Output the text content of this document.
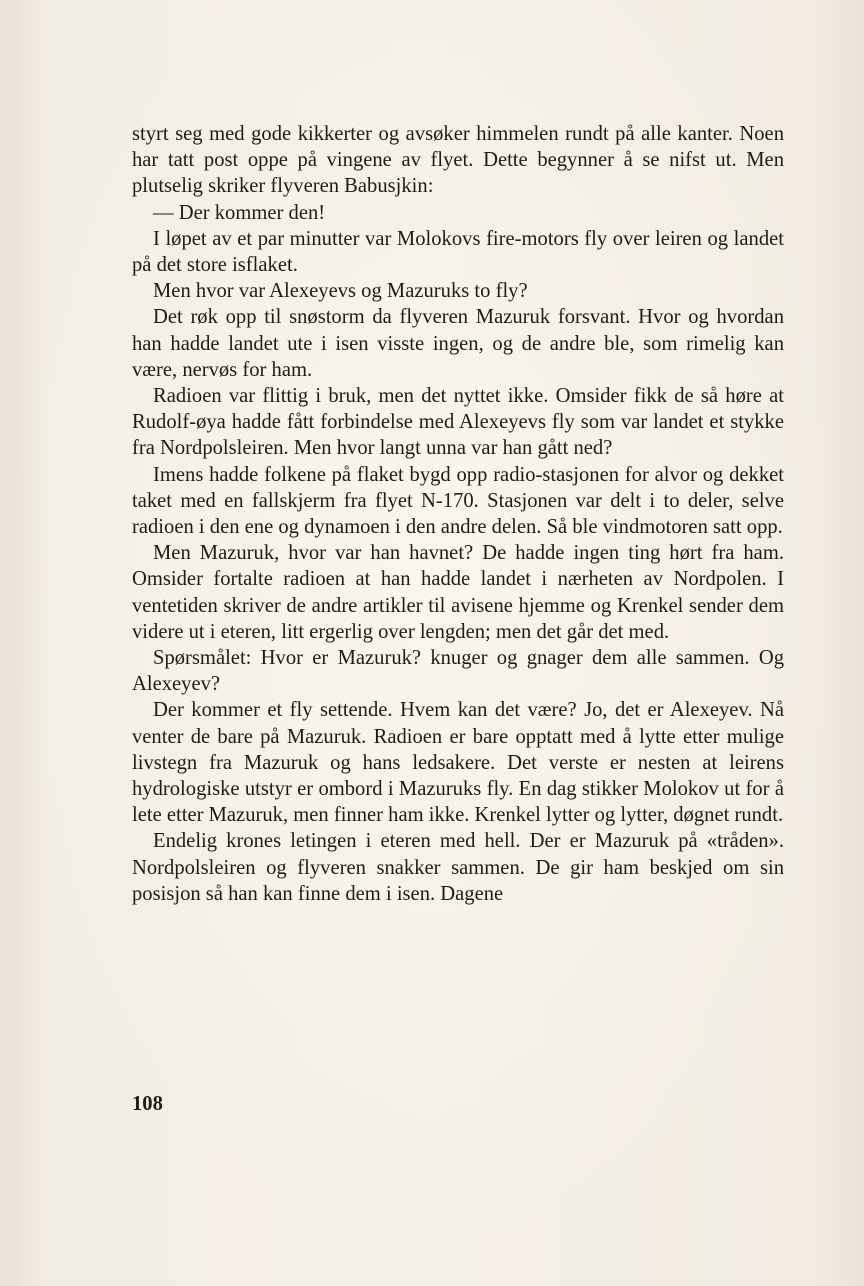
styrt seg med gode kikkerter og avsøker himmelen rundt på alle kanter. Noen har tatt post oppe på vingene av flyet. Dette begynner å se nifst ut. Men plutselig skriker flyveren Babusjkin:

— Der kommer den!

I løpet av et par minutter var Molokovs fire-motors fly over leiren og landet på det store isflaket.

Men hvor var Alexeyevs og Mazuruks to fly?

Det røk opp til snøstorm da flyveren Mazuruk forsvant. Hvor og hvordan han hadde landet ute i isen visste ingen, og de andre ble, som rimelig kan være, nervøs for ham.

Radioen var flittig i bruk, men det nyttet ikke. Omsider fikk de så høre at Rudolf-øya hadde fått forbindelse med Alexeyevs fly som var landet et stykke fra Nordpolsleiren. Men hvor langt unna var han gått ned?

Imens hadde folkene på flaket bygd opp radio-stasjonen for alvor og dekket taket med en fallskjerm fra flyet N-170. Stasjonen var delt i to deler, selve radioen i den ene og dynamoen i den andre delen. Så ble vindmotoren satt opp.

Men Mazuruk, hvor var han havnet? De hadde ingen ting hørt fra ham. Omsider fortalte radioen at han hadde landet i nærheten av Nordpolen. I ventetiden skriver de andre artikler til avisene hjemme og Krenkel sender dem videre ut i eteren, litt ergerlig over lengden; men det går det med.

Spørsmålet: Hvor er Mazuruk? knuger og gnager dem alle sammen. Og Alexeyev?

Der kommer et fly settende. Hvem kan det være? Jo, det er Alexeyev. Nå venter de bare på Mazuruk. Radioen er bare opptatt med å lytte etter mulige livstegn fra Mazuruk og hans ledsakere. Det verste er nesten at leirens hydrologiske utstyr er ombord i Mazuruks fly. En dag stikker Molokov ut for å lete etter Mazuruk, men finner ham ikke. Krenkel lytter og lytter, døgnet rundt.

Endelig krones letingen i eteren med hell. Der er Mazuruk på «tråden». Nordpolsleiren og flyveren snakker sammen. De gir ham beskjed om sin posisjon så han kan finne dem i isen. Dagene

108
